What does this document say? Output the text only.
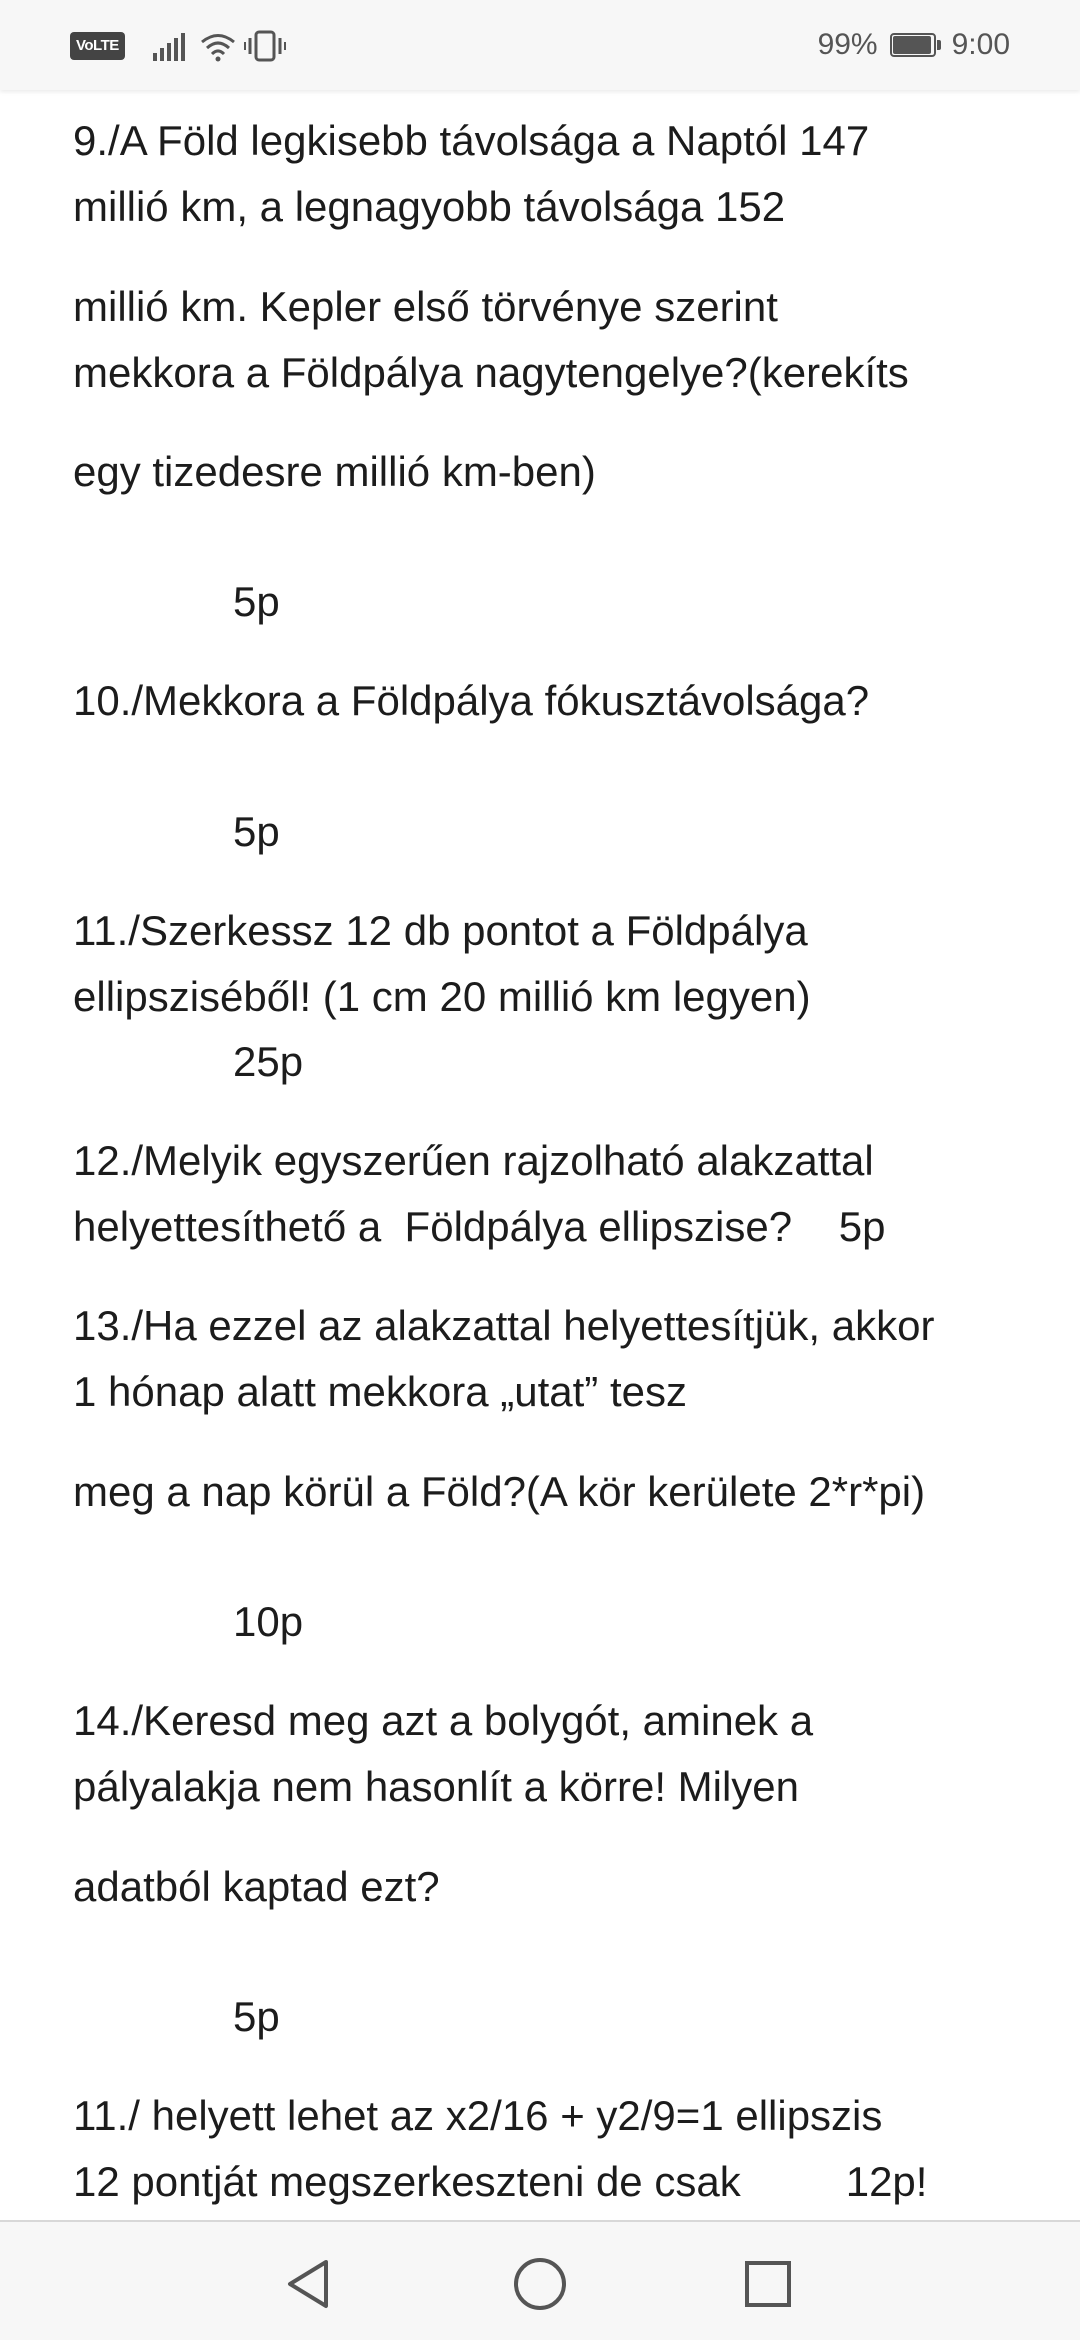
9./A Föld legkisebb távolsága a Naptól 147
millió km, a legnagyobb távolsága 152
millió km. Kepler első törvénye szerint
mekkora a Földpálya nagytengelye?(kerekíts
egy tizedesre millió km-ben)
5p
10./Mekkora a Földpálya fókusztávolsága?
5p
11./Szerkessz 12 db pontot a Földpálya
ellipsziséből! (1 cm 20 millió km legyen)
25p
12./Melyik egyszerűen rajzolható alakzattal
helyettesíthető a  Földpálya ellipszise?    5p
13./Ha ezzel az alakzattal helyettesítjük, akkor
1 hónap alatt mekkora „utat” tesz
meg a nap körül a Föld?(A kör kerülete 2*r*pi)
10p
14./Keresd meg azt a bolygót, aminek a
pályalakja nem hasonlít a körre! Milyen
adatból kaptad ezt?
5p
11./ helyett lehet az x2/16 + y2/9=1 ellipszis
12 pontját megszerkeszteni de csak         12p!
VoLTE	99% 9:00
